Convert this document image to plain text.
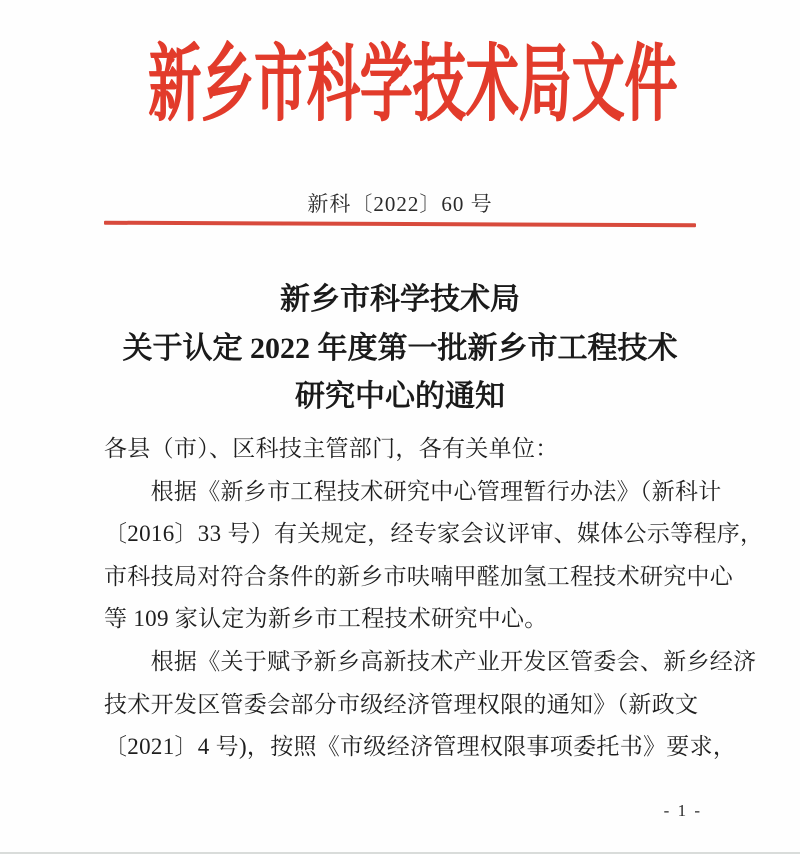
新乡市科学技术局文件
新科〔2022〕60 号
新乡市科学技术局
关于认定 2022 年度第一批新乡市工程技术
研究中心的通知
各县（市）、区科技主管部门，各有关单位：
　　根据《新乡市工程技术研究中心管理暂行办法》（新科计
〔2016〕33 号）有关规定，经专家会议评审、媒体公示等程序，
市科技局对符合条件的新乡市呋喃甲醛加氢工程技术研究中心
等 109 家认定为新乡市工程技术研究中心。
　　根据《关于赋予新乡高新技术产业开发区管委会、新乡经济
技术开发区管委会部分市级经济管理权限的通知》（新政文
〔2021〕4 号)，按照《市级经济管理权限事项委托书》要求，
- 1 -
